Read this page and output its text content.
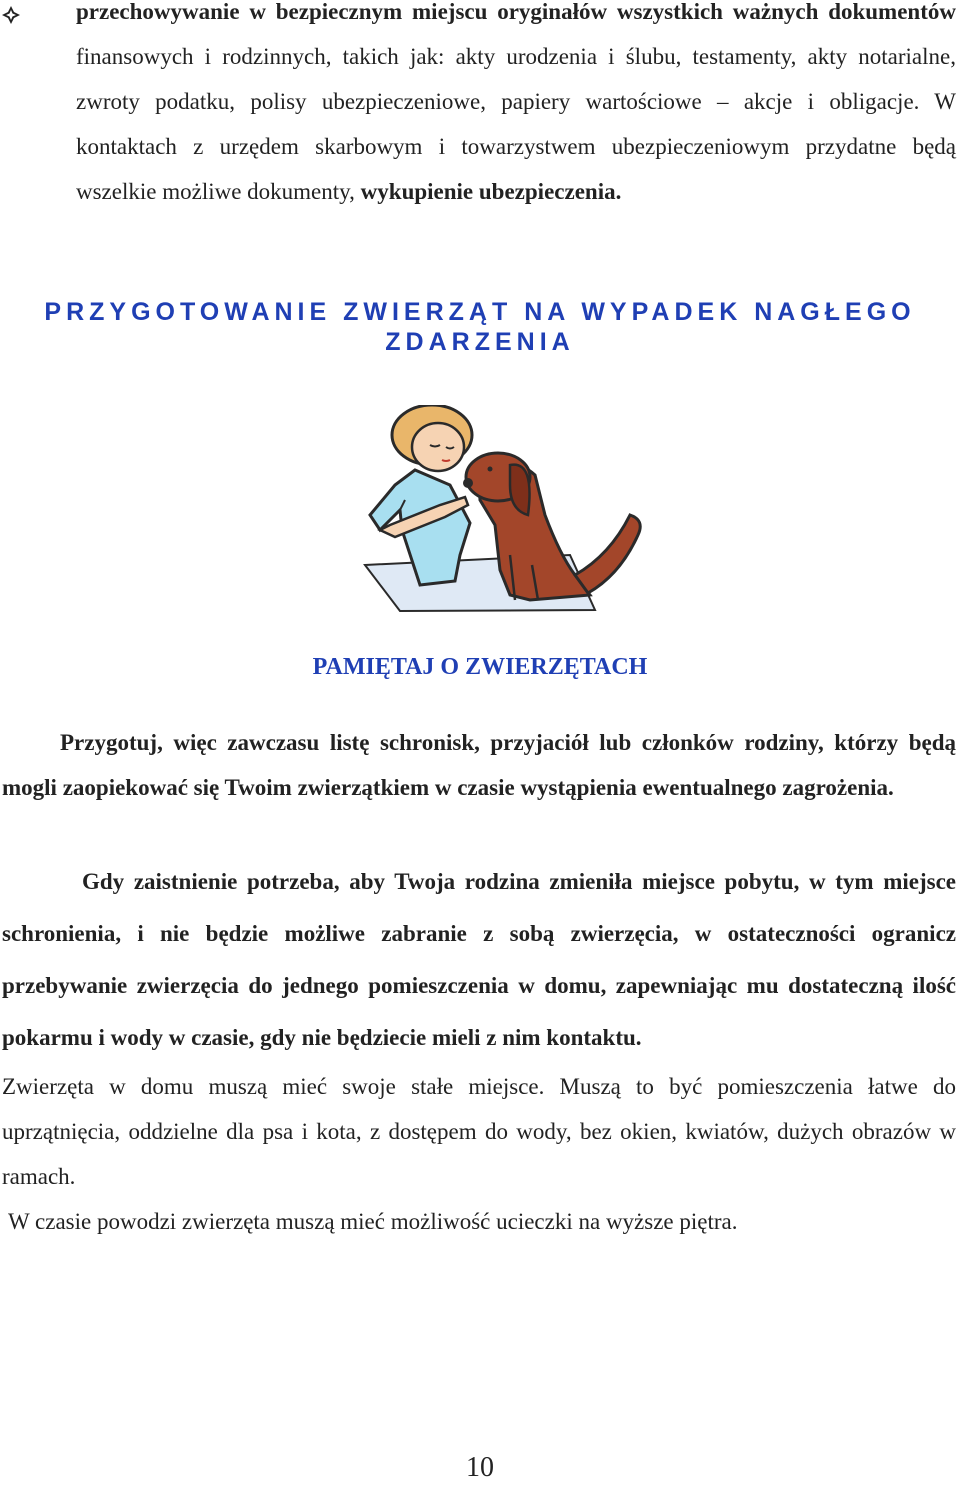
przechowywanie w bezpiecznym miejscu oryginałów wszystkich ważnych dokumentów finansowych i rodzinnych, takich jak: akty urodzenia i ślubu, testamenty, akty notarialne, zwroty podatku, polisy ubezpieczeniowe, papiery wartościowe – akcje i obligacje. W kontaktach z urzędem skarbowym i towarzystwem ubezpieczeniowym przydatne będą wszelkie możliwe dokumenty, wykupienie ubezpieczenia.

PRZYGOTOWANIE ZWIERZĄT NA WYPADEK NAGŁEGO
ZDARZENIA
PAMIĘTAJ O ZWIERZĘTACH

Przygotuj, więc zawczasu listę schronisk, przyjaciół lub członków rodziny, którzy będą mogli zaopiekować się Twoim zwierzątkiem w czasie wystąpienia ewentualnego zagrożenia.

Gdy zaistnienie potrzeba, aby Twoja rodzina zmieniła miejsce pobytu, w tym miejsce schronienia, i nie będzie możliwe zabranie z sobą zwierzęcia, w ostateczności ogranicz przebywanie zwierzęcia do jednego pomieszczenia w domu, zapewniając mu dostateczną ilość pokarmu i wody w czasie, gdy nie będziecie mieli z nim kontaktu.

Zwierzęta w domu muszą mieć swoje stałe miejsce. Muszą to być pomieszczenia łatwe do uprzątnięcia, oddzielne dla psa i kota, z dostępem do wody, bez okien, kwiatów, dużych obrazów w ramach.

W czasie powodzi zwierzęta muszą mieć możliwość ucieczki na wyższe piętra.

10
